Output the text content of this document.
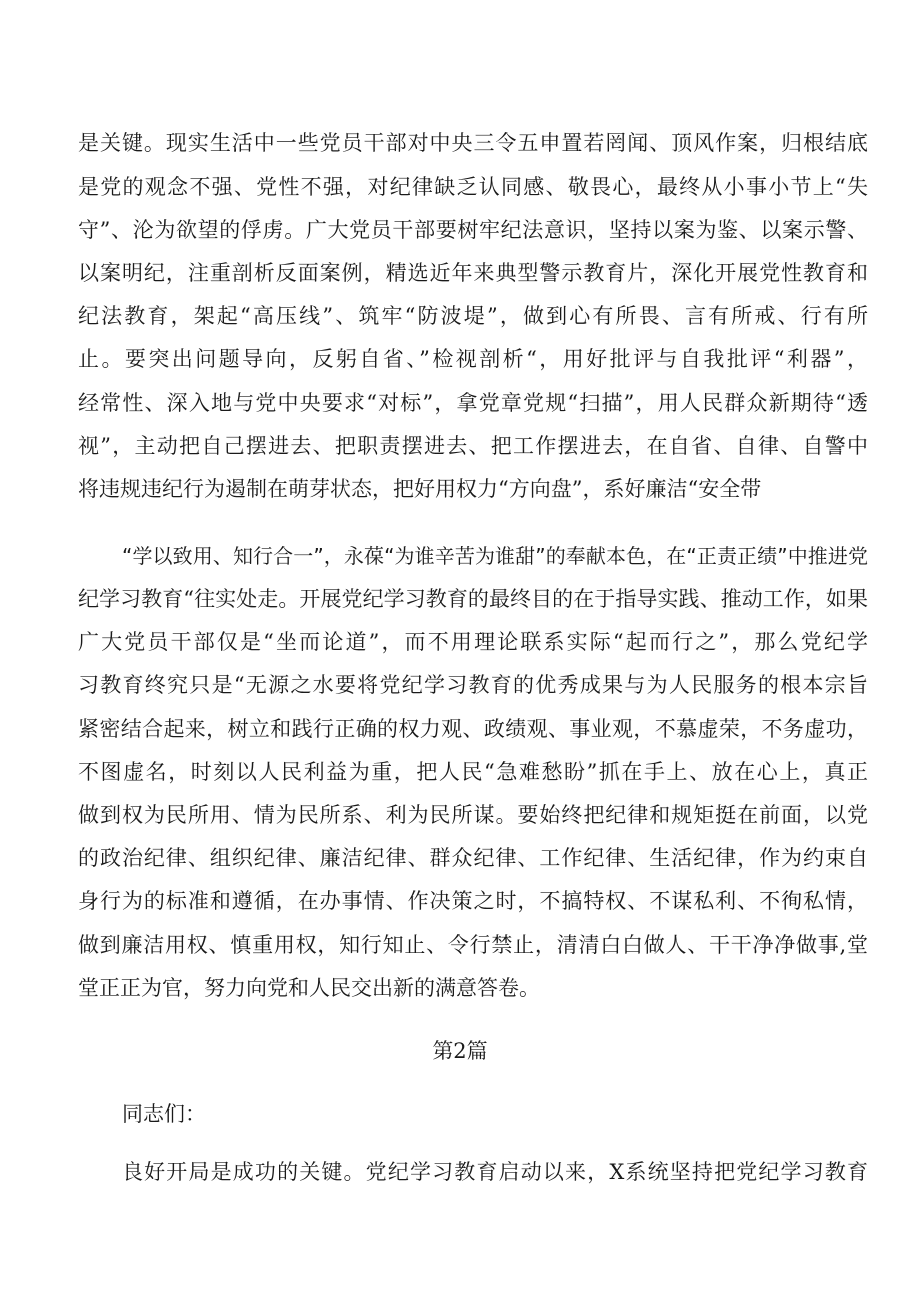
是关键。现实生活中一些党员干部对中央三令五申置若罔闻、顶风作案，归根结底
是党的观念不强、党性不强，对纪律缺乏认同感、敬畏心，最终从小事小节上“失
守”、沦为欲望的俘虏。广大党员干部要树牢纪法意识，坚持以案为鉴、以案示警、
以案明纪，注重剖析反面案例，精选近年来典型警示教育片，深化开展党性教育和
纪法教育，架起“高压线”、筑牢“防波堤”，做到心有所畏、言有所戒、行有所
止。要突出问题导向，反躬自省、”检视剖析“，用好批评与自我批评“利器”，
经常性、深入地与党中央要求“对标”，拿党章党规“扫描”，用人民群众新期待“透
视”，主动把自己摆进去、把职责摆进去、把工作摆进去，在自省、自律、自警中
将违规违纪行为遏制在萌芽状态，把好用权力“方向盘”，系好廉洁“安全带
“学以致用、知行合一”，永葆“为谁辛苦为谁甜”的奉献本色，在“正责正绩”中推进党
纪学习教育“往实处走。开展党纪学习教育的最终目的在于指导实践、推动工作，如果
广大党员干部仅是“坐而论道”，而不用理论联系实际“起而行之”，那么党纪学
习教育终究只是“无源之水要将党纪学习教育的优秀成果与为人民服务的根本宗旨
紧密结合起来，树立和践行正确的权力观、政绩观、事业观，不慕虚荣，不务虚功，
不图虚名，时刻以人民利益为重，把人民“急难愁盼”抓在手上、放在心上，真正
做到权为民所用、情为民所系、利为民所谋。要始终把纪律和规矩挺在前面，以党
的政治纪律、组织纪律、廉洁纪律、群众纪律、工作纪律、生活纪律，作为约束自
身行为的标准和遵循，在办事情、作决策之时，不搞特权、不谋私利、不徇私情，
做到廉洁用权、慎重用权，知行知止、令行禁止，清清白白做人、干干净净做事,堂
堂正正为官，努力向党和人民交出新的满意答卷。
第2篇
同志们：
良好开局是成功的关键。党纪学习教育启动以来，X系统坚持把党纪学习教育
